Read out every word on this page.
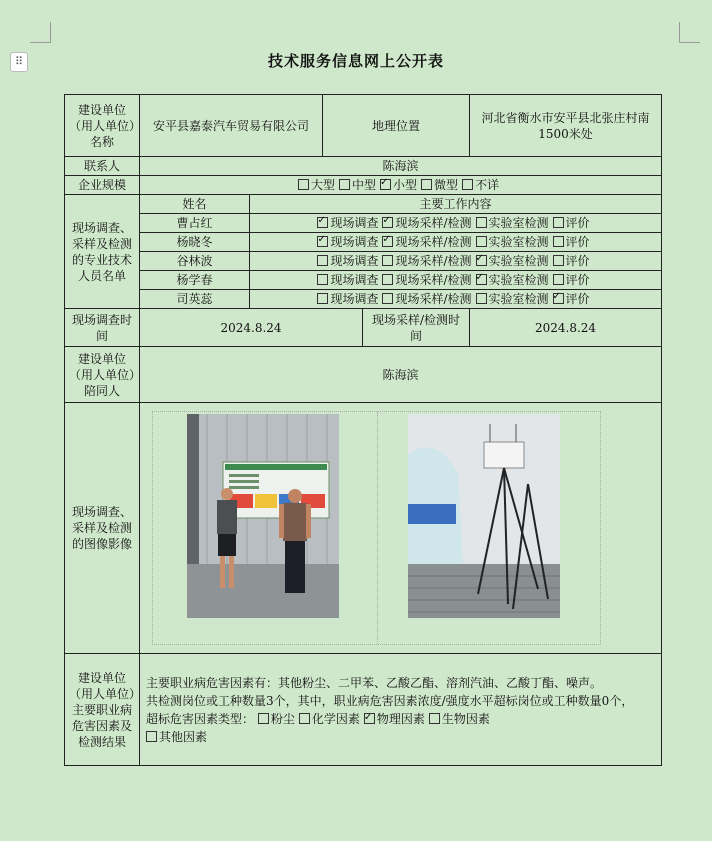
⠿	技术服务信息网上公开表
建设单位（用人单位）名称	安平县嘉泰汽车贸易有限公司		地理位置		河北省衡水市安平县北张庄村南1500米处
联系人	陈海滨				
企业规模	大型 中型 ✓ 小型 微型 不详
现场调查、采样及检测的专业技术人员名单	姓名	主要工作内容			
	曹占红	✓现场调查 ✓ 现场采样/检测 实验室检测 评价
	杨晓冬	✓现场调查 ✓ 现场采样/检测 实验室检测 评价
	谷林波	现场调查 现场采样/检测 ✓ 实验室检测 评价
	杨学春	现场调查 现场采样/检测 ✓ 实验室检测 评价
	司英蕊	现场调查 现场采样/检测 实验室检测 ✓ 评价
现场调查时间	2024.8.24			现场采样/检测时间	2024.8.24
建设单位（用人单位）陪同人	陈海滨				
现场调查、采样及检测的图像影像	

建设单位（用人单位）主要职业病危害因素及检测结果	主要职业病危害因素有：其他粉尘、二甲苯、乙酸乙酯、溶剂汽油、乙酸丁酯、噪声。
共检测岗位或工种数量3个，其中，职业病危害因素浓度/强度水平超标岗位或工种数量0个，
超标危害因素类型： 粉尘 化学因素 ✓ 物理因素 生物因素
其他因素
